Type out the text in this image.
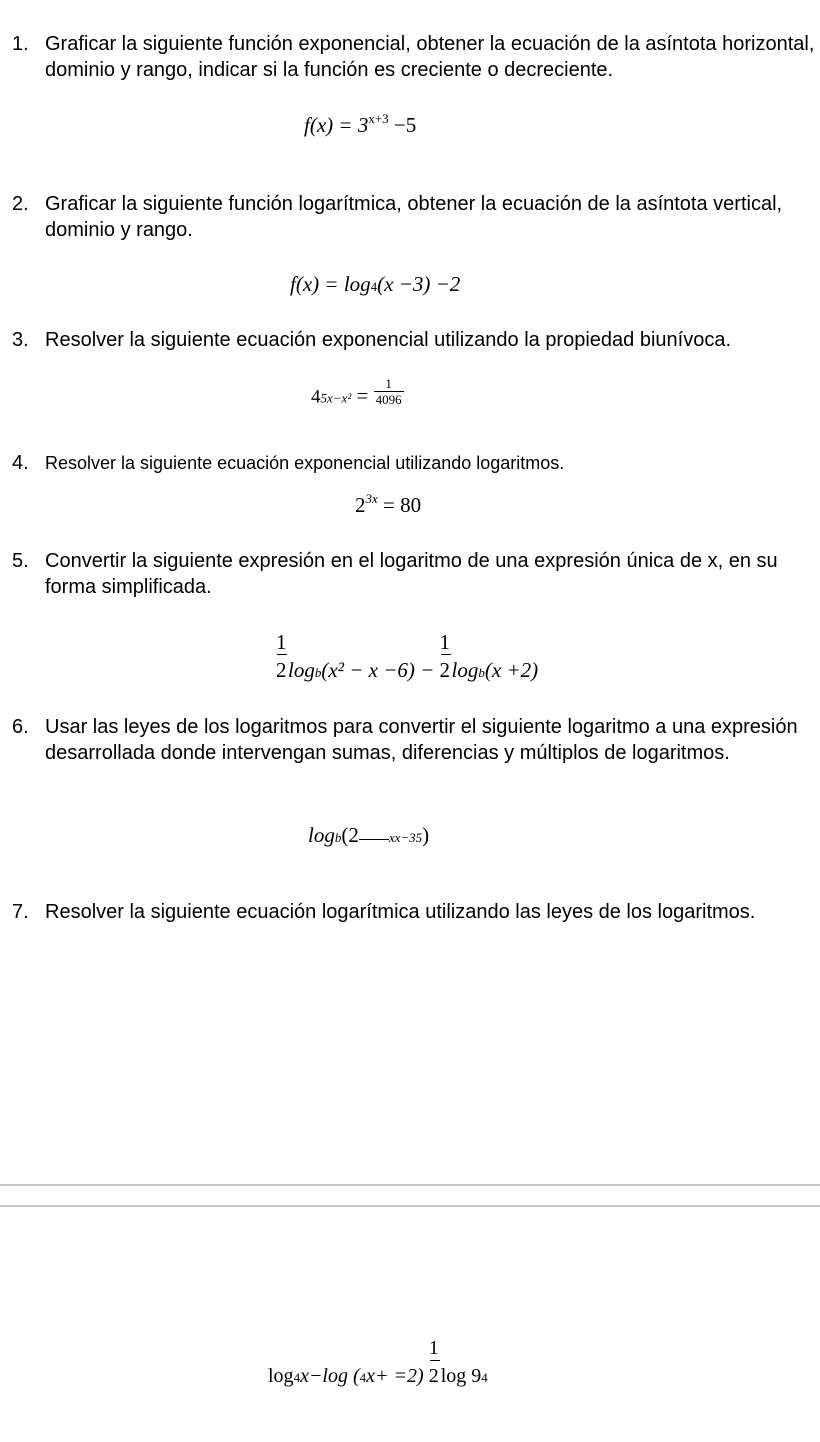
1. Graficar la siguiente función exponencial, obtener la ecuación de la asíntota horizontal, dominio y rango, indicar si la función es creciente o decreciente.
$f(x) = 3^{x+3} -5$
2. Graficar la siguiente función logarítmica, obtener la ecuación de la asíntota vertical, dominio y rango.
f(x) = log4(x −3) −2
3. Resolver la siguiente ecuación exponencial utilizando la propiedad biunívoca.
$4_{5x-x^2} = \frac{1}{4096}$
4. Resolver la siguiente ecuación exponencial utilizando logaritmos.
$2^{3x} = 80$
5. Convertir la siguiente expresión en el logaritmo de una expresión única de x, en su forma simplificada.
$\frac{1}{2}\log b(x^2 - x -6) - \frac{1}{2}\log b(x +2)$
6. Usar las leyes de los logaritmos para convertir el siguiente logaritmo a una expresión desarrollada donde intervengan sumas, diferencias y múltiplos de logaritmos.
logb(2 xx−35)
7. Resolver la siguiente ecuación logarítmica utilizando las leyes de los logaritmos.
log4x−log $(4x+ =2) \frac{1}{2}\log$ 94
